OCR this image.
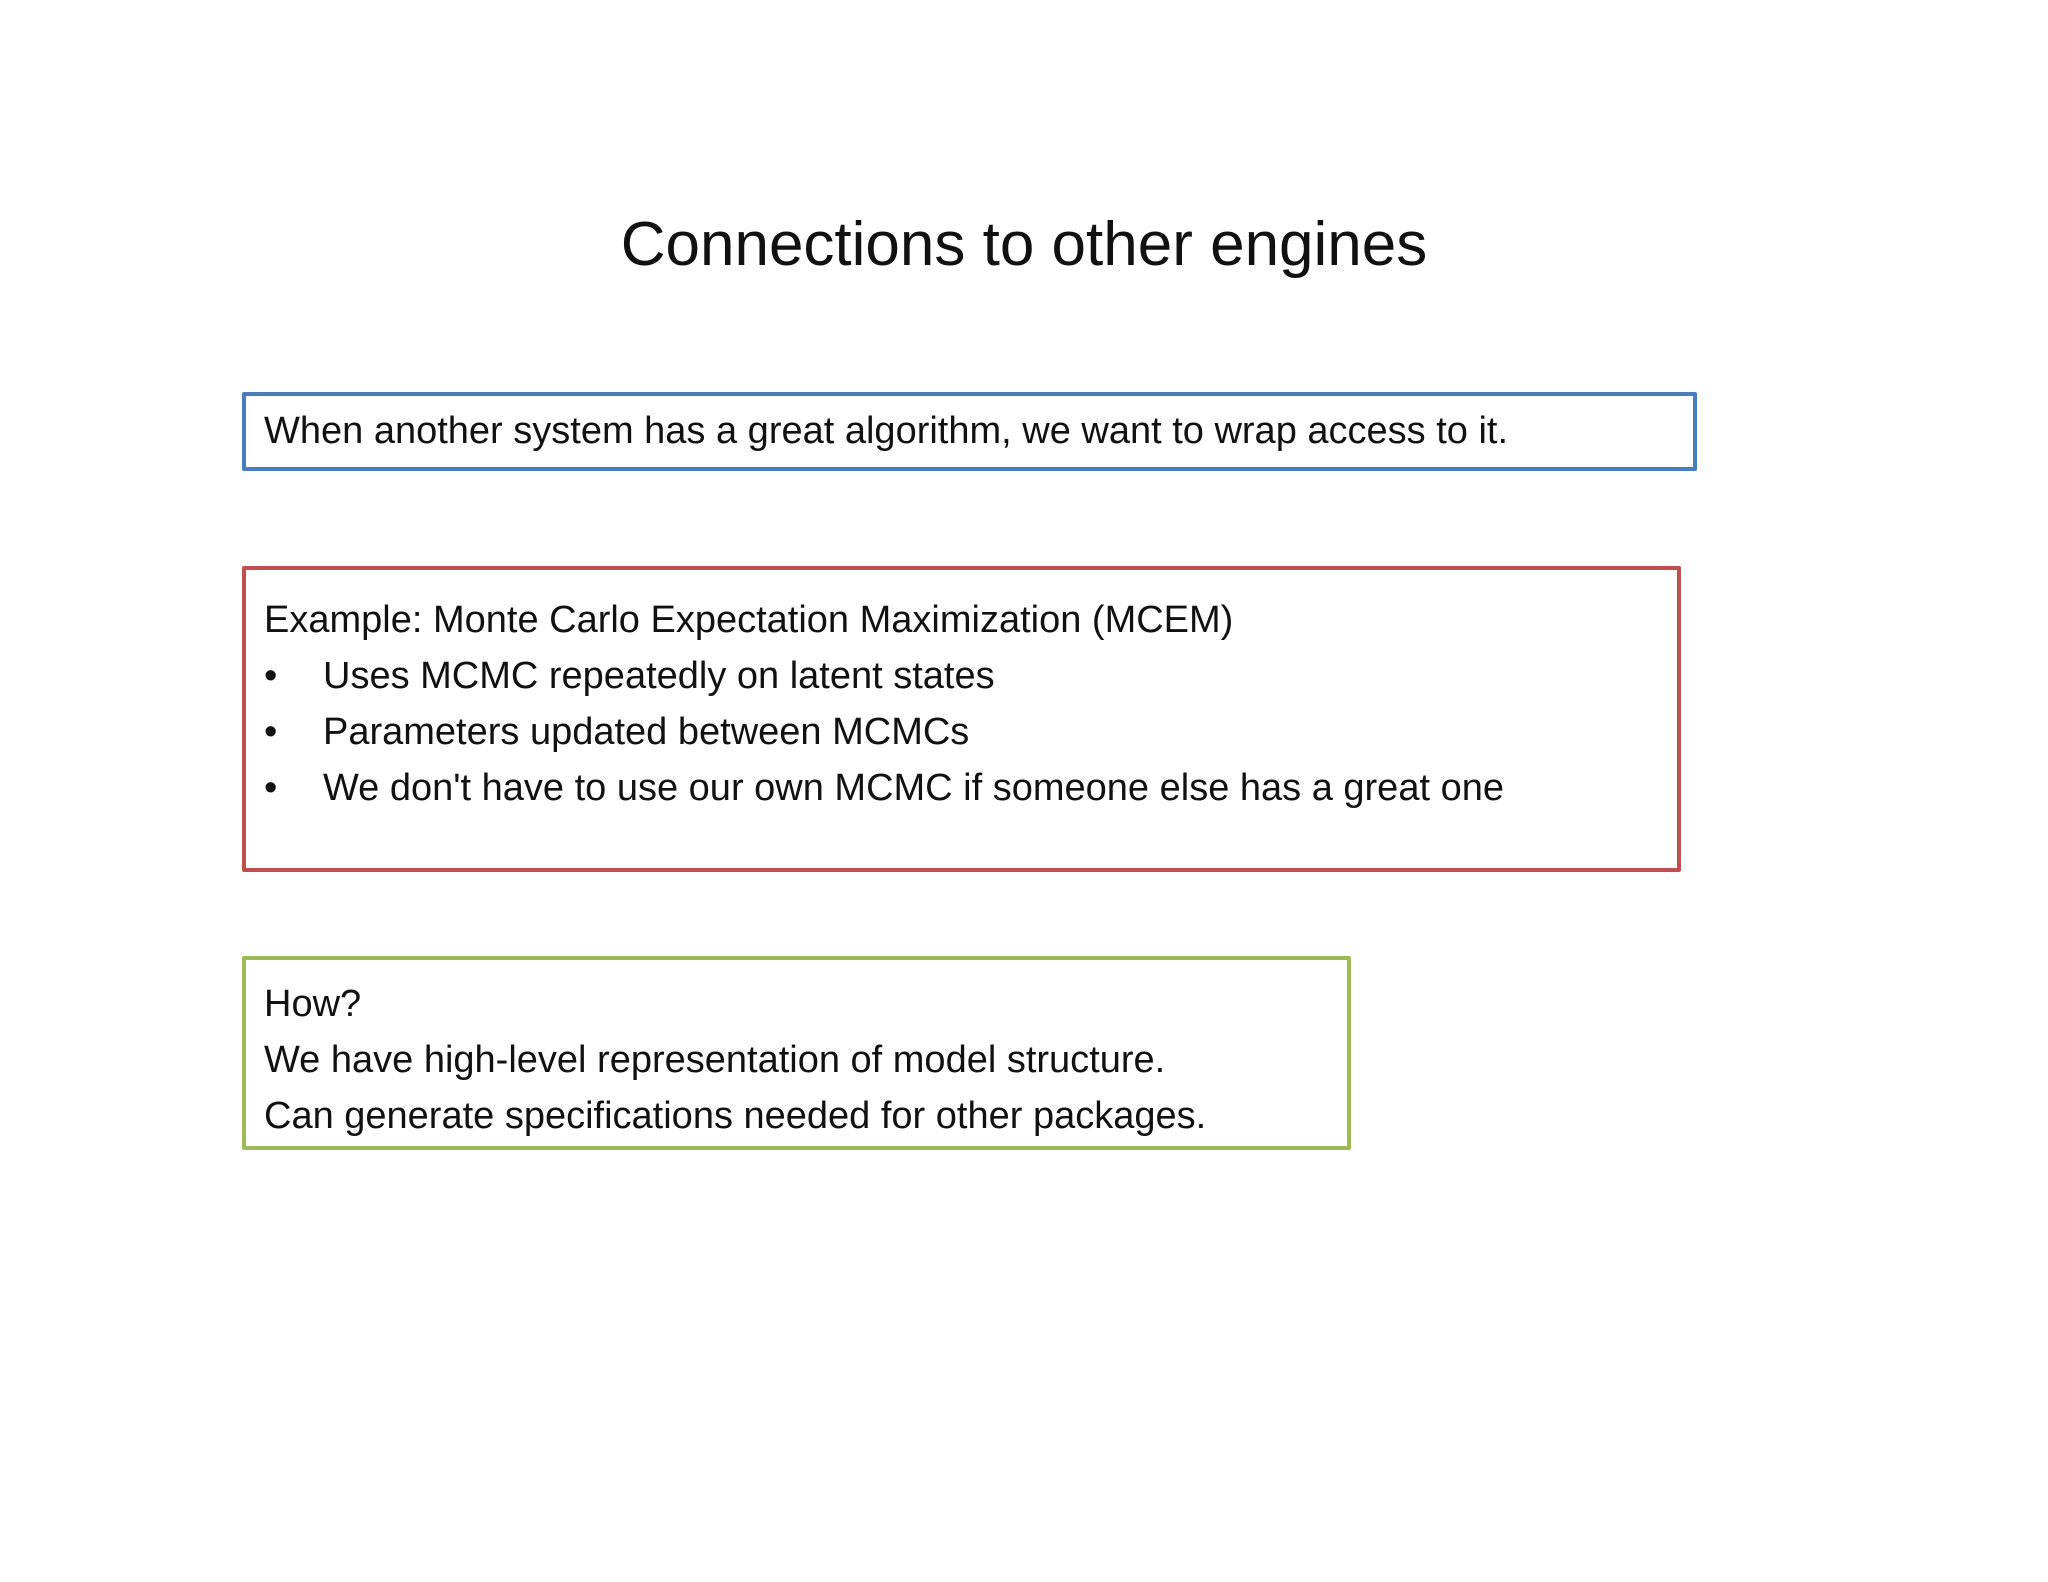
Connections to other engines
When another system has a great algorithm, we want to wrap access to it.
Example: Monte Carlo Expectation Maximization (MCEM)
•	Uses MCMC repeatedly on latent states
•	Parameters updated between MCMCs
•	We don't have to use our own MCMC if someone else has a great one
How?
We have high-level representation of model structure.
Can generate specifications needed for other packages.
